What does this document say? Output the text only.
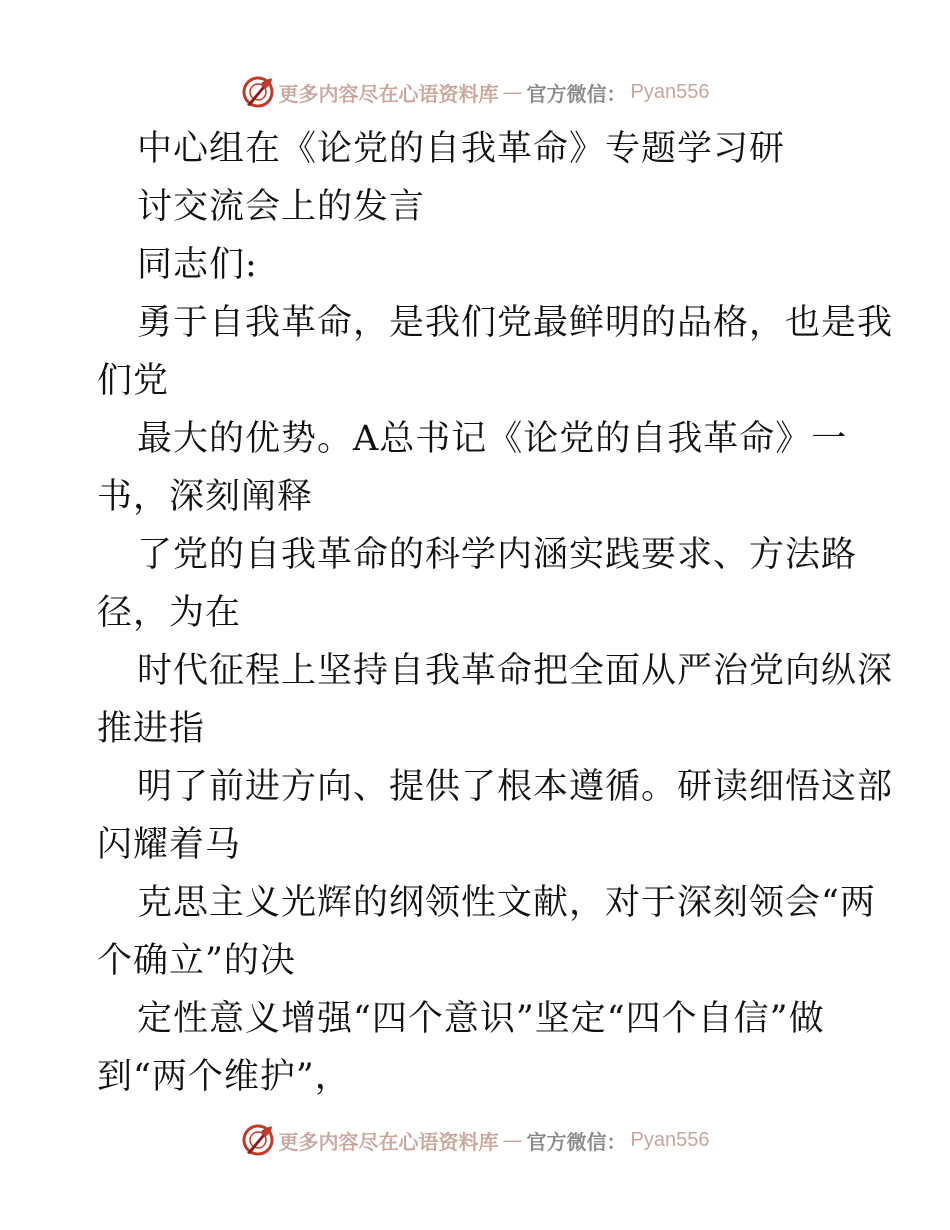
更多内容尽在心语资料库 — 官方微信： Pyan556
中心组在《论党的自我革命》专题学习研
讨交流会上的发言
同志们:
勇于自我革命，是我们党最鲜明的品格，也是我
们党
最大的优势。A总书记《论党的自我革命》一
书，深刻阐释
了党的自我革命的科学内涵实践要求、方法路
径，为在
时代征程上坚持自我革命把全面从严治党向纵深
推进指
明了前进方向、提供了根本遵循。研读细悟这部
闪耀着马
克思主义光辉的纲领性文献，对于深刻领会“两
个确立”的决
定性意义增强“四个意识”坚定“四个自信”做
到“两个维护”，
更多内容尽在心语资料库 — 官方微信： Pyan556
